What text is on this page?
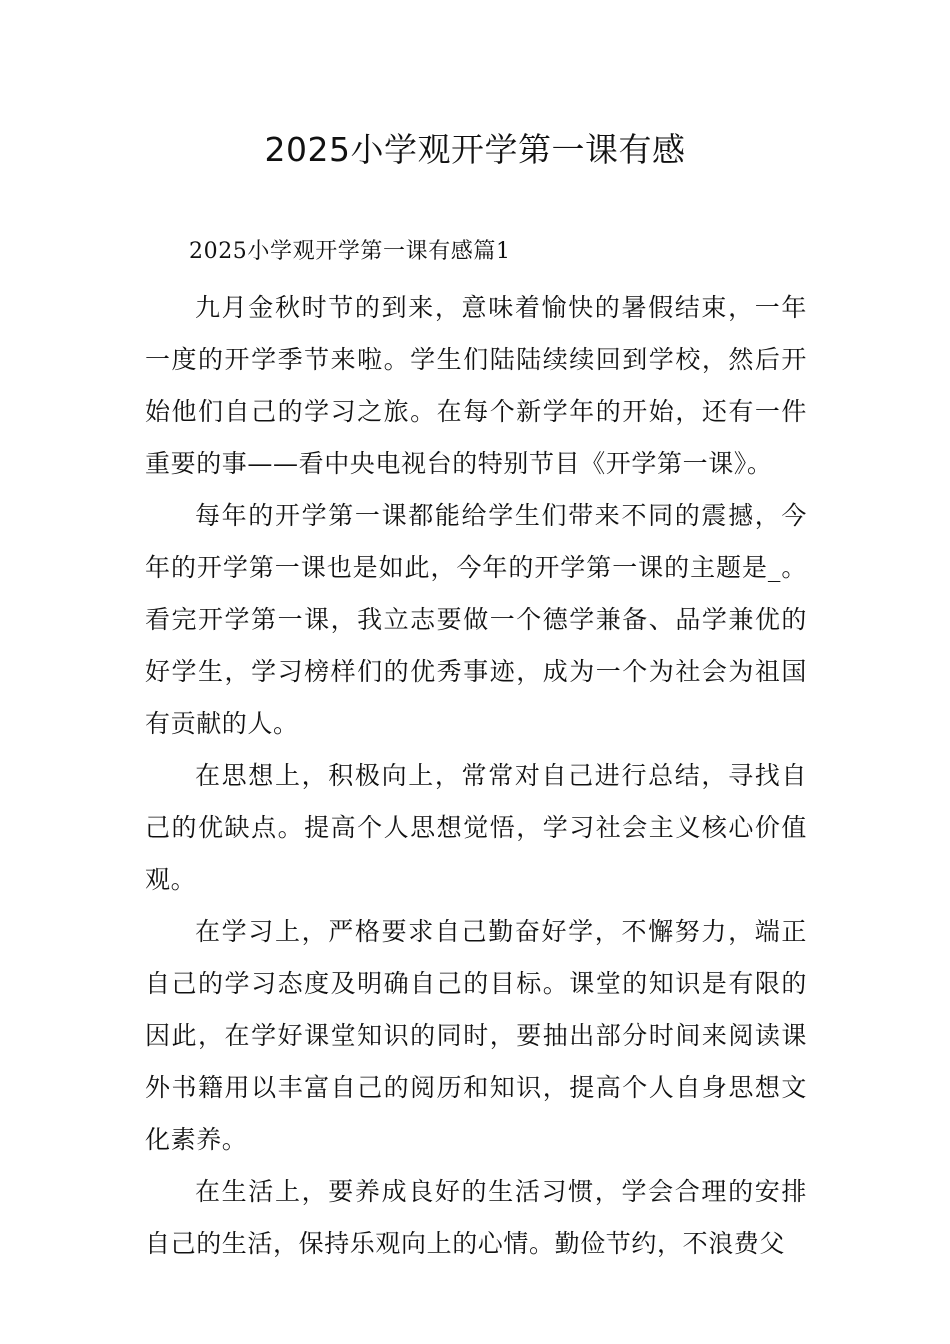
2025小学观开学第一课有感

2025小学观开学第一课有感篇1

九月金秋时节的到来，意味着愉快的暑假结束，一年一度的开学季节来啦。学生们陆陆续续回到学校，然后开始他们自己的学习之旅。在每个新学年的开始，还有一件重要的事——看中央电视台的特别节目《开学第一课》。

每年的开学第一课都能给学生们带来不同的震撼，今年的开学第一课也是如此，今年的开学第一课的主题是_。看完开学第一课，我立志要做一个德学兼备、品学兼优的好学生，学习榜样们的优秀事迹，成为一个为社会为祖国有贡献的人。

在思想上，积极向上，常常对自己进行总结，寻找自己的优缺点。提高个人思想觉悟，学习社会主义核心价值观。

在学习上，严格要求自己勤奋好学，不懈努力，端正自己的学习态度及明确自己的目标。课堂的知识是有限的因此，在学好课堂知识的同时，要抽出部分时间来阅读课外书籍用以丰富自己的阅历和知识，提高个人自身思想文化素养。

在生活上，要养成良好的生活习惯，学会合理的安排自己的生活，保持乐观向上的心情。勤俭节约，不浪费父
